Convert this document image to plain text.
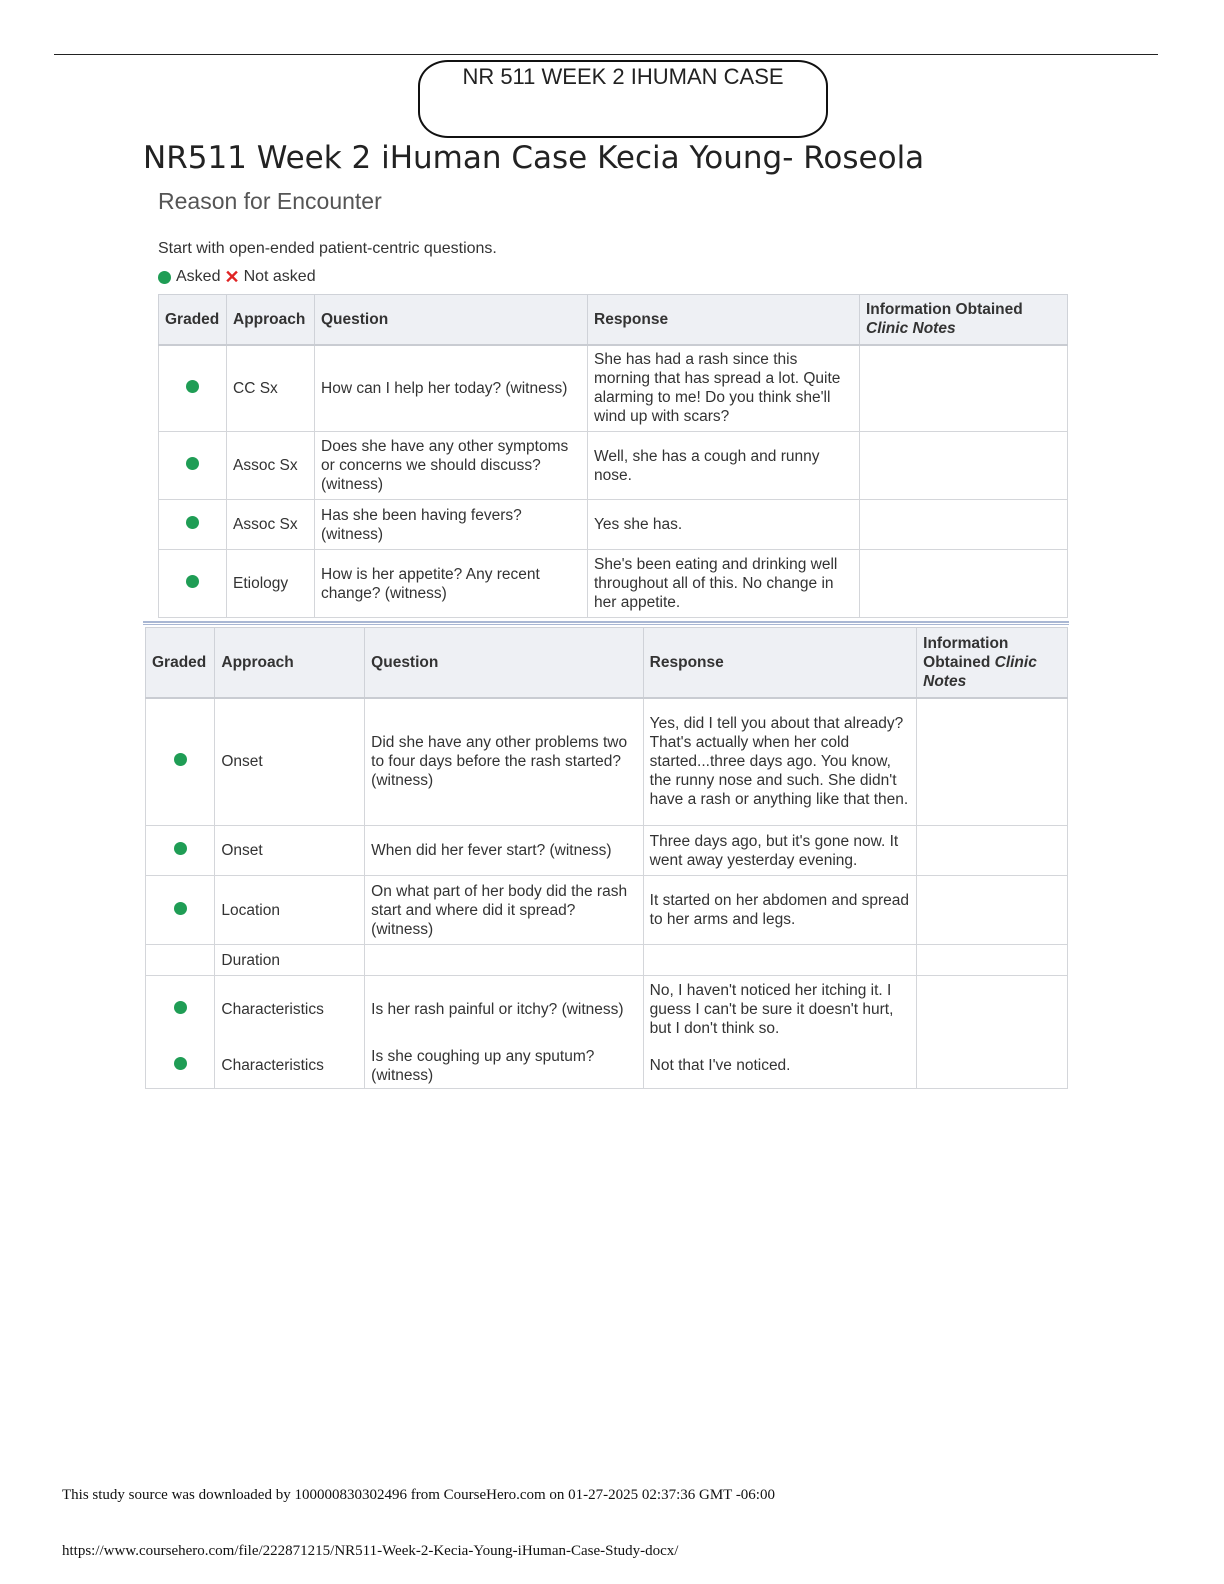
NR 511 WEEK 2 IHUMAN CASE
NR511 Week 2 iHuman Case Kecia Young- Roseola
Reason for Encounter
Start with open-ended patient-centric questions.
Asked ✕ Not asked
Graded	Approach	Question	Response	Information Obtained
Clinic Notes
	CC Sx	How can I help her today? (witness)	She has had a rash since this morning that has spread a lot. Quite alarming to me! Do you think she'll wind up with scars?	
	Assoc Sx	Does she have any other symptoms or concerns we should discuss? (witness)	Well, she has a cough and runny nose.	
	Assoc Sx	Has she been having fevers? (witness)	Yes she has.	
	Etiology	How is her appetite? Any recent change? (witness)	She's been eating and drinking well throughout all of this. No change in her appetite.	
Graded	Approach	Question	Response	Information Obtained Clinic Notes
	Onset	Did she have any other problems two to four days before the rash started? (witness)	Yes, did I tell you about that already? That's actually when her cold started...three days ago. You know, the runny nose and such. She didn't have a rash or anything like that then.	
	Onset	When did her fever start? (witness)	Three days ago, but it's gone now. It went away yesterday evening.	
	Location	On what part of her body did the rash start and where did it spread? (witness)	It started on her abdomen and spread to her arms and legs.	
	Duration			
	Characteristics	Is her rash painful or itchy? (witness)	No, I haven't noticed her itching it. I guess I can't be sure it doesn't hurt, but I don't think so.	
	Characteristics	Is she coughing up any sputum? (witness)	Not that I've noticed.	
This study source was downloaded by 100000830302496 from CourseHero.com on 01-27-2025 02:37:36 GMT -06:00
https://www.coursehero.com/file/222871215/NR511-Week-2-Kecia-Young-iHuman-Case-Study-docx/
